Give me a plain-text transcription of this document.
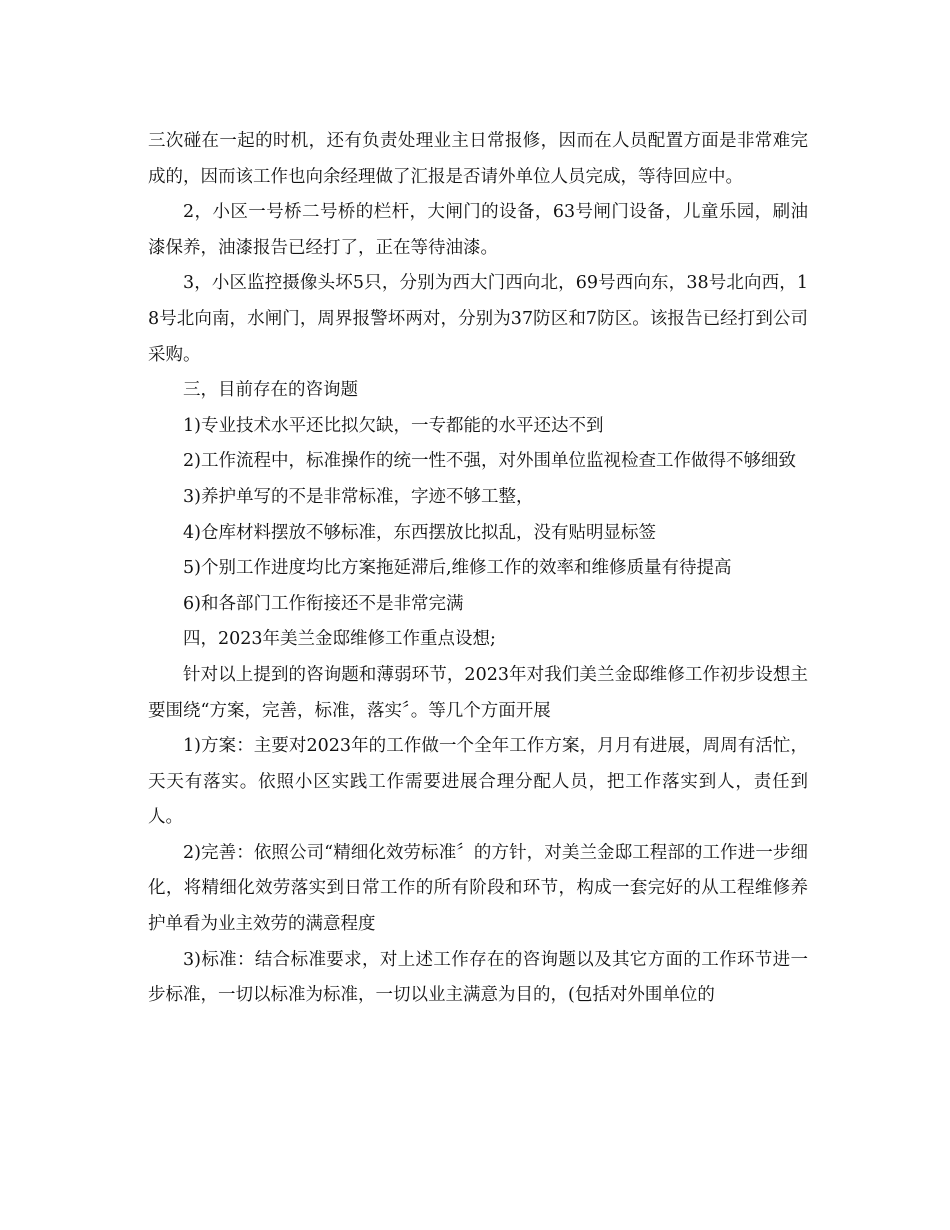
三次碰在一起的时机，还有负责处理业主日常报修，因而在人员配置方面是非常难完成的，因而该工作也向余经理做了汇报是否请外单位人员完成，等待回应中。

2，小区一号桥二号桥的栏杆，大闸门的设备，63号闸门设备，儿童乐园，刷油漆保养，油漆报告已经打了，正在等待油漆。

3，小区监控摄像头坏5只，分别为西大门西向北，69号西向东，38号北向西，18号北向南，水闸门，周界报警坏两对，分别为37防区和7防区。该报告已经打到公司采购。

三，目前存在的咨询题

1)专业技术水平还比拟欠缺，一专都能的水平还达不到

2)工作流程中，标准操作的统一性不强，对外围单位监视检查工作做得不够细致

3)养护单写的不是非常标准，字迹不够工整，

4)仓库材料摆放不够标准，东西摆放比拟乱，没有贴明显标签

5)个别工作进度均比方案拖延滞后,维修工作的效率和维修质量有待提高

6)和各部门工作衔接还不是非常完满

四，2023年美兰金邸维修工作重点设想;

针对以上提到的咨询题和薄弱环节，2023年对我们美兰金邸维修工作初步设想主要围绕“方案，完善，标准，落实〞。等几个方面开展

1)方案：主要对2023年的工作做一个全年工作方案，月月有进展，周周有活忙，天天有落实。依照小区实践工作需要进展合理分配人员，把工作落实到人，责任到人。

2)完善：依照公司“精细化效劳标准〞的方针，对美兰金邸工程部的工作进一步细化，将精细化效劳落实到日常工作的所有阶段和环节，构成一套完好的从工程维修养护单看为业主效劳的满意程度

3)标准：结合标准要求，对上述工作存在的咨询题以及其它方面的工作环节进一步标准，一切以标准为标准，一切以业主满意为目的，(包括对外围单位的
